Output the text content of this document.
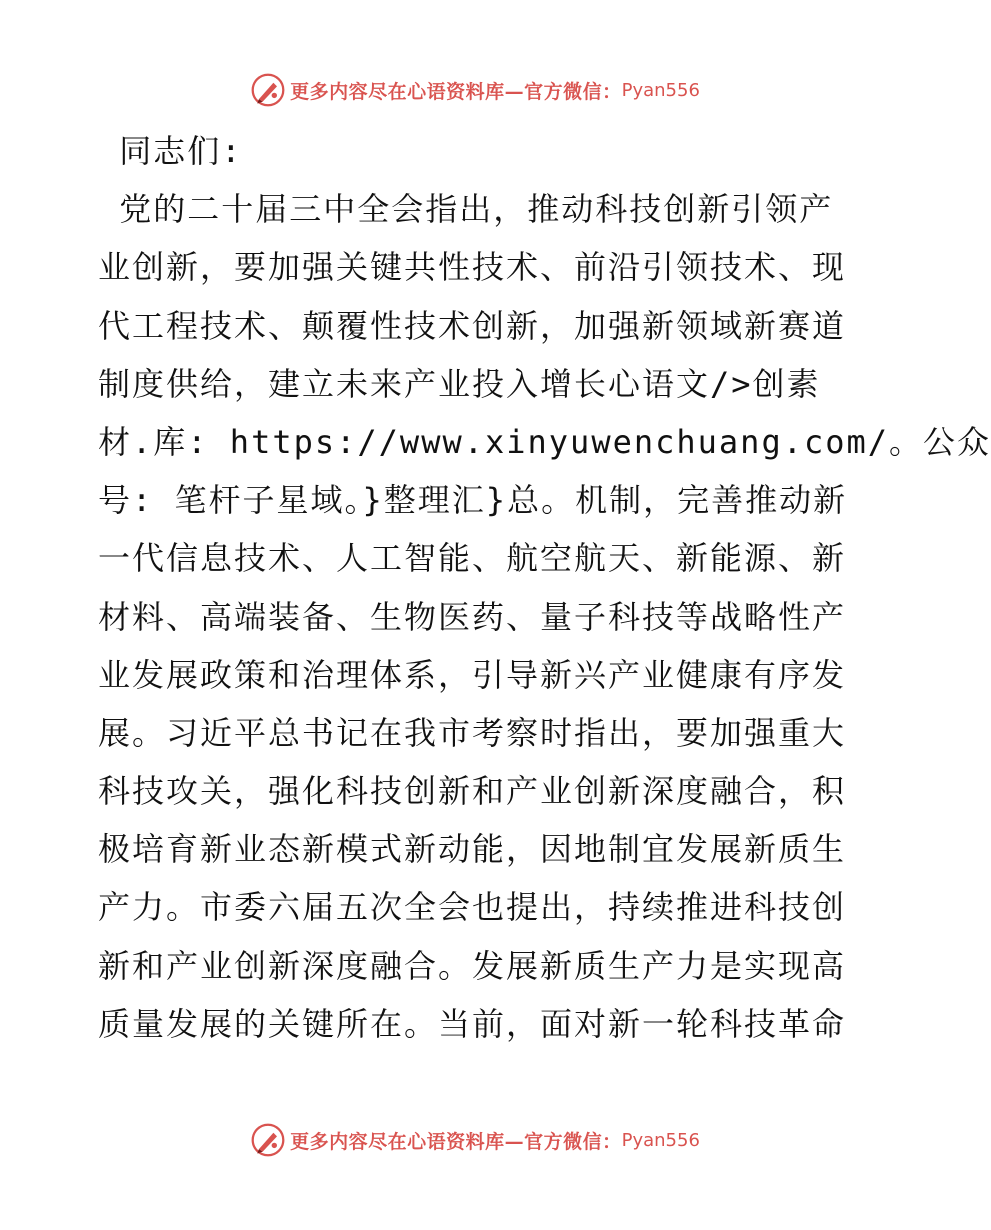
更多内容尽在心语资料库—官方微信： Pyan556
同志们:
党的二十届三中全会指出，推动科技创新引领产
业创新，要加强关键共性技术、前沿引领技术、现
代工程技术、颠覆性技术创新，加强新领域新赛道
制度供给，建立未来产业投入增长心语文/>创素
材.库: https://www.xinyuwenchuang.com/。公众
号: 笔杆子星域。}整理汇}总。机制，完善推动新
一代信息技术、人工智能、航空航天、新能源、新
材料、高端装备、生物医药、量子科技等战略性产
业发展政策和治理体系，引导新兴产业健康有序发
展。习近平总书记在我市考察时指出，要加强重大
科技攻关，强化科技创新和产业创新深度融合，积
极培育新业态新模式新动能，因地制宜发展新质生
产力。市委六届五次全会也提出，持续推进科技创
新和产业创新深度融合。发展新质生产力是实现高
质量发展的关键所在。当前，面对新一轮科技革命
更多内容尽在心语资料库—官方微信： Pyan556
